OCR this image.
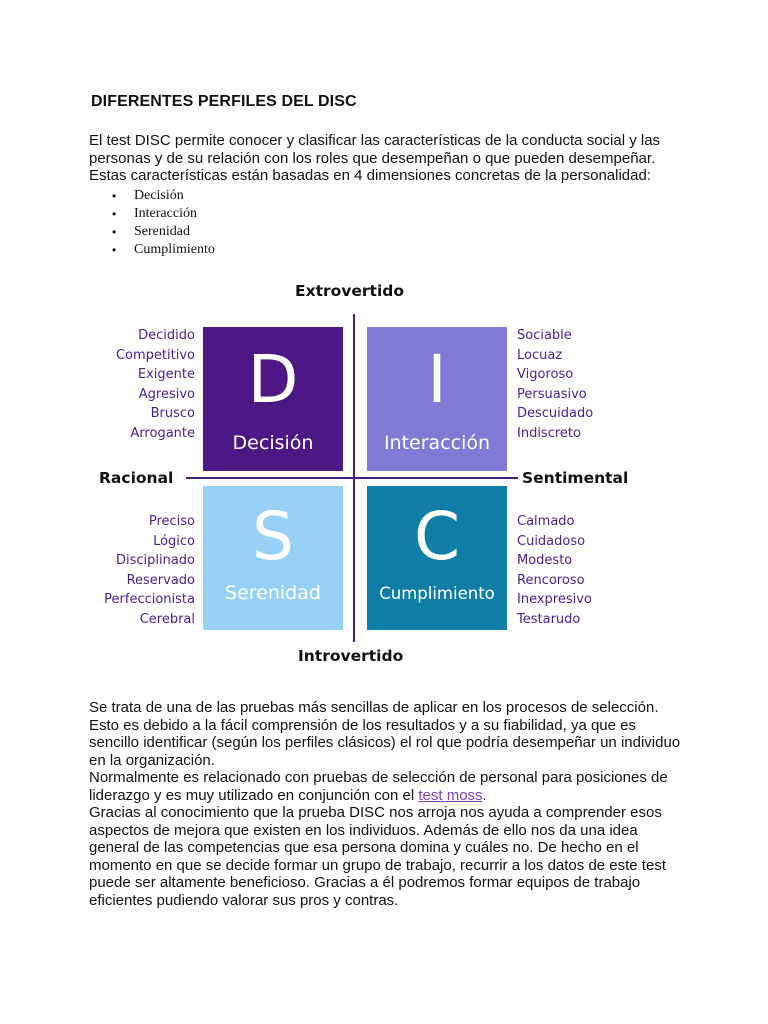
DIFERENTES PERFILES DEL DISC
El test DISC permite conocer y clasificar las características de la conducta social y las personas y de su relación con los roles que desempeñan o que pueden desempeñar. Estas características están basadas en 4 dimensiones concretas de la personalidad:
• Decisión
• Interacción
• Serenidad
• Cumplimiento
Extrovertido
Introvertido
Racional	Sentimental
D
Decisión
I
Interacción
S
Serenidad
C
Cumplimiento
Decidido
Competitivo
Exigente
Agresivo
Brusco
Arrogante
Sociable
Locuaz
Vigoroso
Persuasivo
Descuidado
Indiscreto
Preciso
Lógico
Disciplinado
Reservado
Perfeccionista
Cerebral
Calmado
Cuidadoso
Modesto
Rencoroso
Inexpresivo
Testarudo
Se trata de una de las pruebas más sencillas de aplicar en los procesos de selección. Esto es debido a la fácil comprensión de los resultados y a su fiabilidad, ya que es sencillo identificar (según los perfiles clásicos) el rol que podría desempeñar un individuo en la organización.
Normalmente es relacionado con pruebas de selección de personal para posiciones de liderazgo y es muy utilizado en conjunción con el test moss.
Gracias al conocimiento que la prueba DISC nos arroja nos ayuda a comprender esos aspectos de mejora que existen en los individuos. Además de ello nos da una idea general de las competencias que esa persona domina y cuáles no. De hecho en el momento en que se decide formar un grupo de trabajo, recurrir a los datos de este test puede ser altamente beneficioso. Gracias a él podremos formar equipos de trabajo eficientes pudiendo valorar sus pros y contras.
